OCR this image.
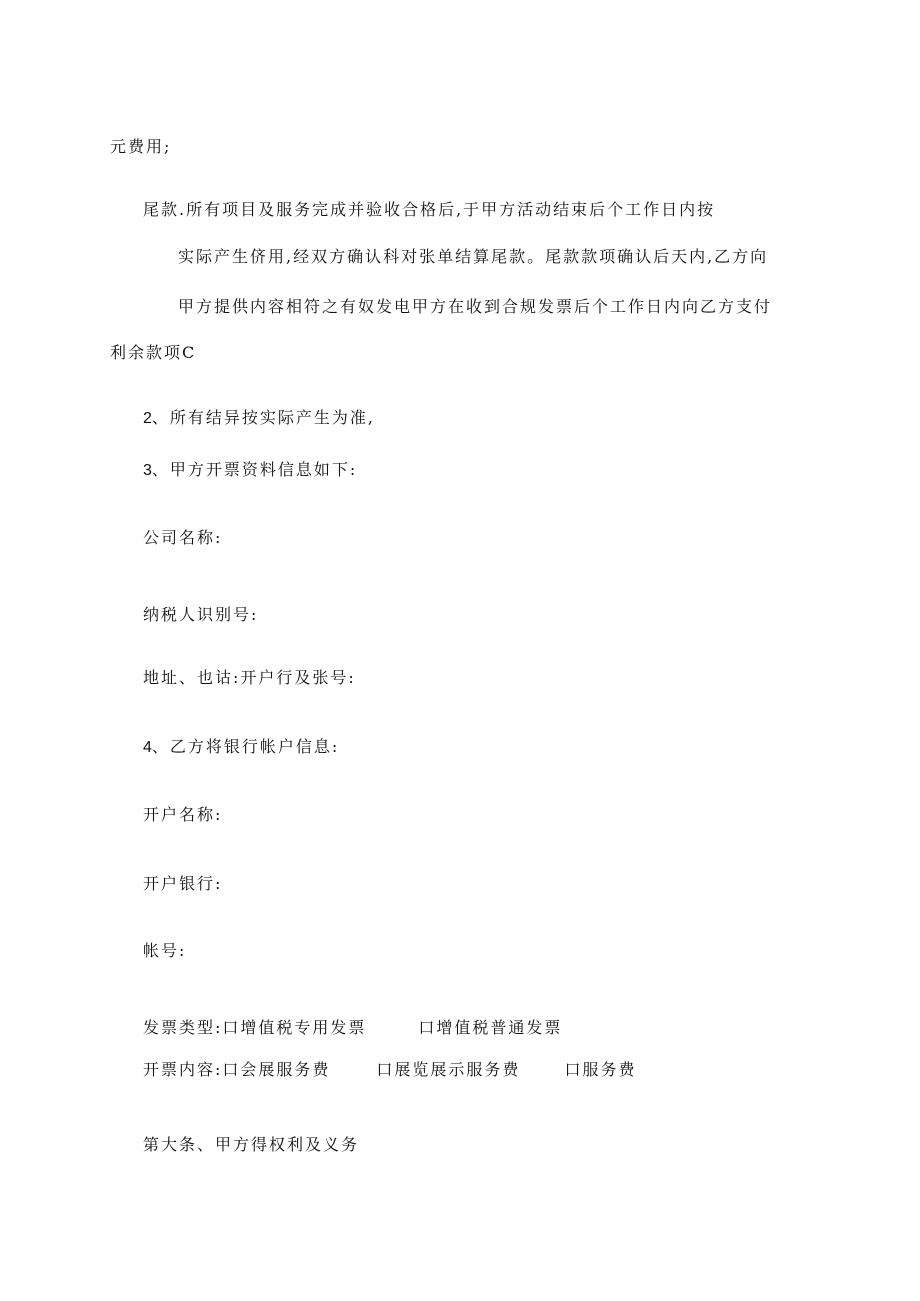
元费用;
尾款.所有项目及服务完成并验收合格后,于甲方活动结束后个工作日内按
实际产生侪用,经双方确认科对张单结算尾款。尾款款项确认后天内,乙方向
甲方提供内容相符之有奴发电甲方在收到合规发票后个工作日内向乙方支付
利余款项C
2、所有结异按实际产生为准,
3、甲方开票资料信息如下:
公司名称:
纳税人识别号:
地址、也诂:开户行及张号:
4、乙方将银行帐户信息:
开户名称:
开户银行:
帐号:
发票类型:口增值税专用发票	口增值税普通发票
开票内容:口会展服务费	口展览展示服务费	口服务费
第大条、甲方得权利及义务
